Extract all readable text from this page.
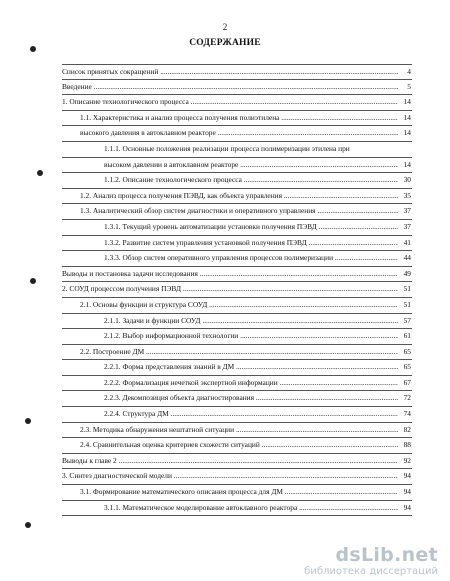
2
СОДЕРЖАНИЕ
Список принятых сокращений .....	4
Введение .....	5
1. Описание технологического процесса .....	14
1.1. Характеристика и анализ процесса получения полиэтилена .....	14
высокого давления в автоклавном реакторе .....	14
1.1.1. Основные положения реализации процесса полимеризации этилена при
высоком давлении в автоклавном реакторе .....	14
1.1.2. Описание технологического процесса .....	30
1.2. Анализ процесса получения ПЭВД, как объекта управления .....	35
1.3. Аналитический обзор систем диагностики и оперативного управления .....	37
1.3.1. Текущий уровень автоматизации установки получения ПЭВД .....	37
1.3.2. Развитие систем управления установкой получения ПЭВД .....	41
1.3.3. Обзор систем оперативного управления процессов полимеризации .....	44
Выводы и постановка задачи исследования .....	49
2. СОУД процессом получения ПЭВД .....	51
2.1. Основы функции и структура СОУД .....	51
2.1.1. Задачи и функции СОУД .....	57
2.1.2. Выбор информационной технологии .....	61
2.2. Построение ДМ .....	65
2.2.1. Форма представления знаний в ДМ .....	65
2.2.2. Формализация нечеткой экспертной информации .....	67
2.2.3. Декомпозиция объекта диагностирования .....	72
2.2.4. Структура ДМ .....	74
2.3. Методика обнаружения нештатной ситуации .....	82
2.4. Сравнительная оценка критериев схожести ситуаций .....	88
Выводы к главе 2 .....	92
3. Синтез диагностической модели .....	94
3.1. Формирование математического описания процесса для ДМ .....	94
3.1.1. Математическое моделирование автоклавного реактора .....	94
dsLib.net
библиотека диссертаций
